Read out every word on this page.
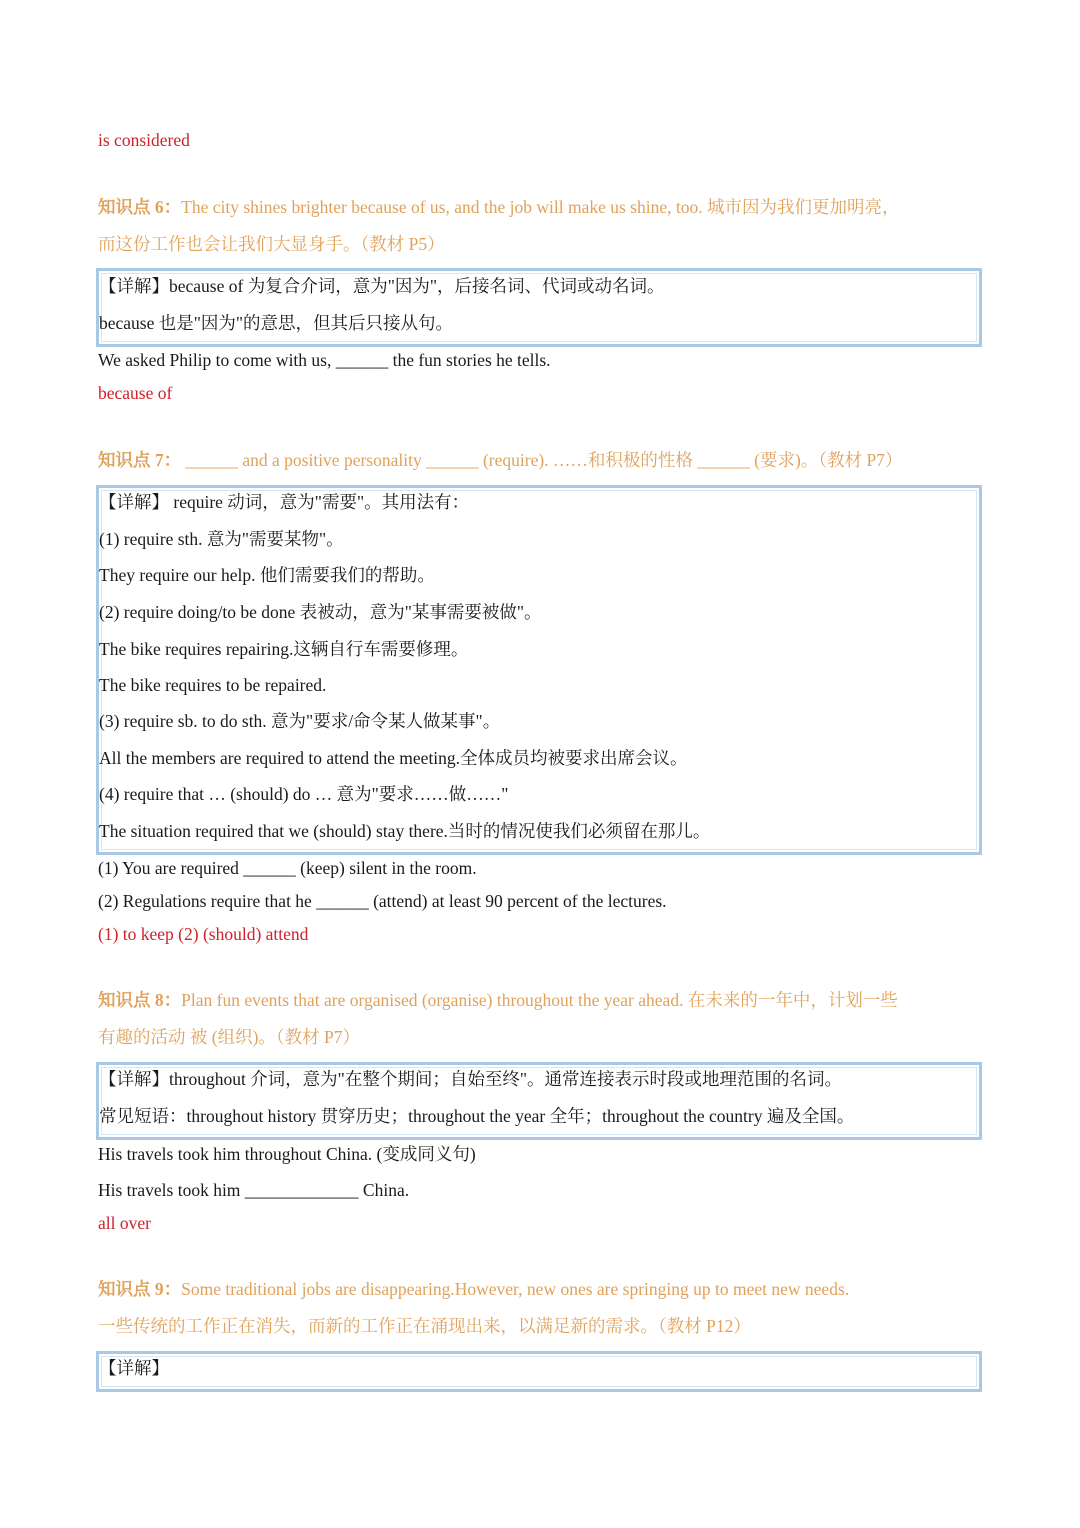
is considered
知识点 6：The city shines brighter because of us, and the job will make us shine, too. 城市因为我们更加明亮，
而这份工作也会让我们大显身手。（教材 P5）
【详解】because of 为复合介词，意为"因为"，后接名词、代词或动名词。
because 也是"因为"的意思，但其后只接从句。
We asked Philip to come with us, ______ the fun stories he tells.
because of
知识点 7： ______ and a positive personality ______ (require). ……和积极的性格 ______ (要求)。（教材 P7）
【详解】 require 动词，意为"需要"。其用法有：
(1) require sth. 意为"需要某物"。
They require our help. 他们需要我们的帮助。
(2) require doing/to be done 表被动，意为"某事需要被做"。
The bike requires repairing.这辆自行车需要修理。
The bike requires to be repaired.
(3) require sb. to do sth. 意为"要求/命令某人做某事"。
All the members are required to attend the meeting.全体成员均被要求出席会议。
(4) require that … (should) do … 意为"要求……做……"
The situation required that we (should) stay there.当时的情况使我们必须留在那儿。
(1) You are required ______ (keep) silent in the room.
(2) Regulations require that he ______ (attend) at least 90 percent of the lectures.
(1) to keep (2) (should) attend
知识点 8：Plan fun events that are organised (organise) throughout the year ahead. 在未来的一年中，计划一些
有趣的活动 被 (组织)。（教材 P7）
【详解】throughout 介词，意为"在整个期间；自始至终"。通常连接表示时段或地理范围的名词。
常见短语：throughout history 贯穿历史；throughout the year 全年；throughout the country 遍及全国。
His travels took him throughout China. (变成同义句)
His travels took him _____________ China.
all over
知识点 9：Some traditional jobs are disappearing.However, new ones are springing up to meet new needs.
一些传统的工作正在消失，而新的工作正在涌现出来，以满足新的需求。（教材 P12）
【详解】
